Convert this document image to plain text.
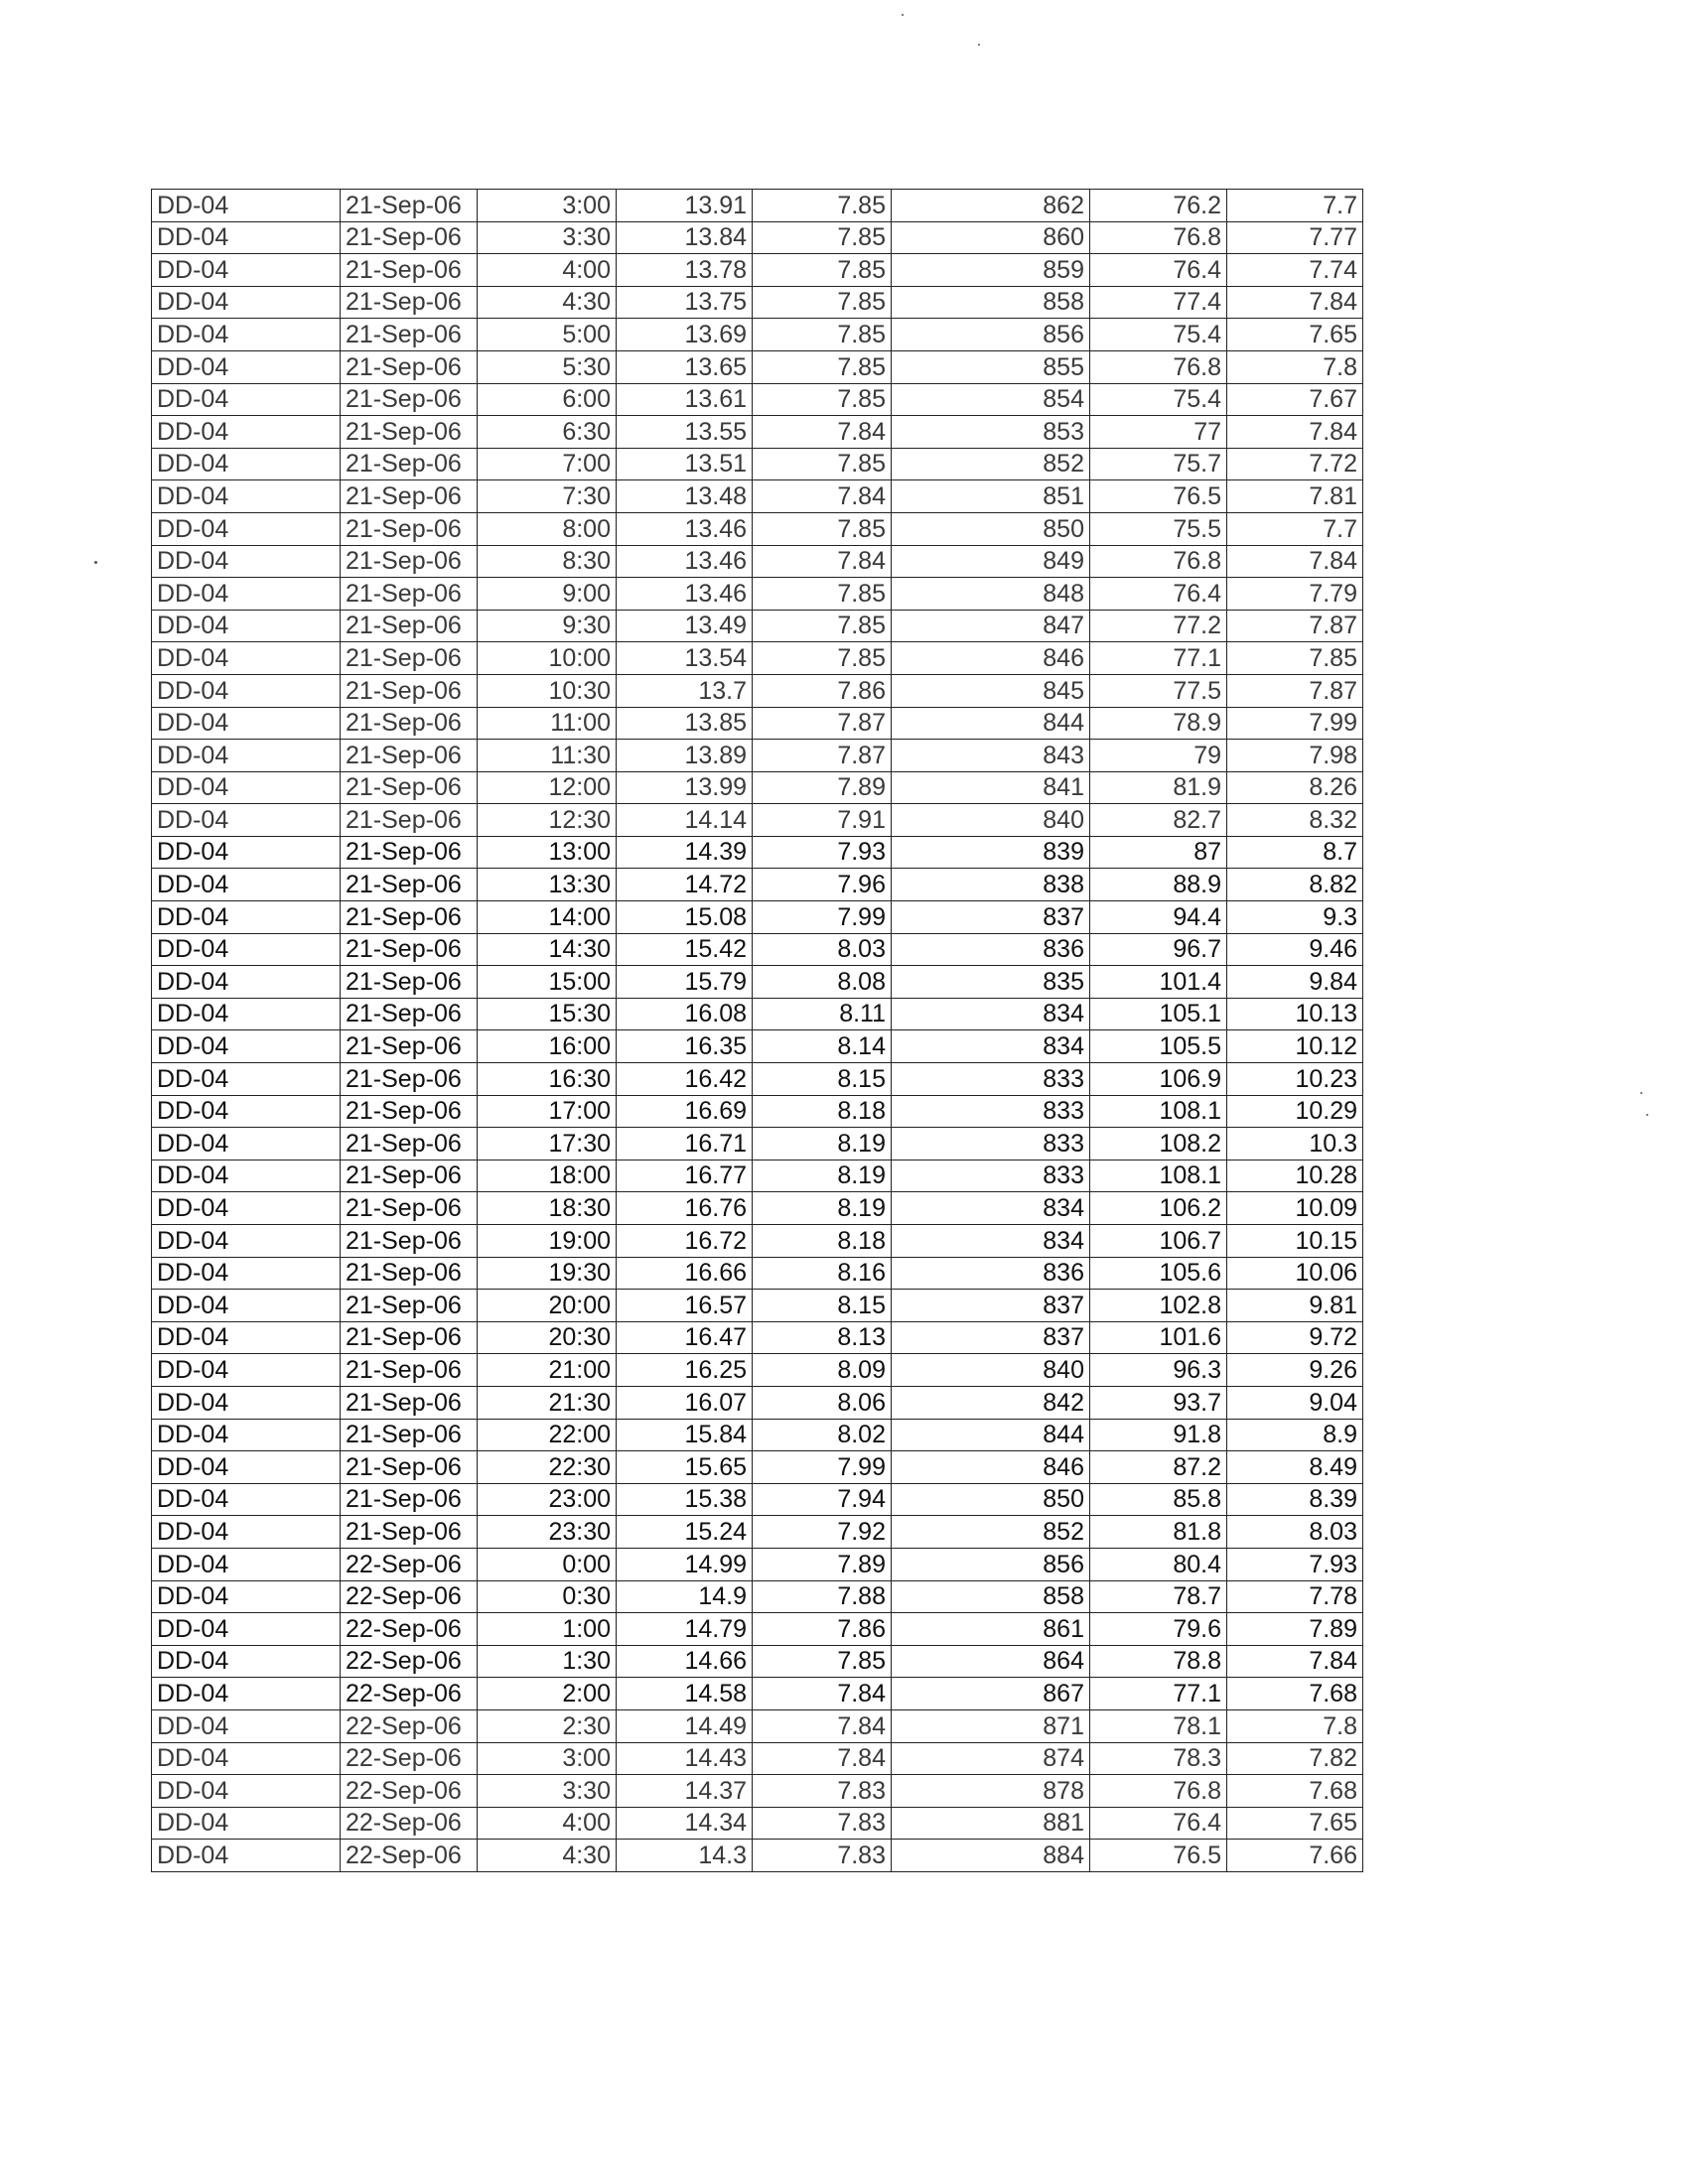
DD-04	21-Sep-06	3:00	13.91	7.85	862	76.2	7.7
DD-04	21-Sep-06	3:30	13.84	7.85	860	76.8	7.77
DD-04	21-Sep-06	4:00	13.78	7.85	859	76.4	7.74
DD-04	21-Sep-06	4:30	13.75	7.85	858	77.4	7.84
DD-04	21-Sep-06	5:00	13.69	7.85	856	75.4	7.65
DD-04	21-Sep-06	5:30	13.65	7.85	855	76.8	7.8
DD-04	21-Sep-06	6:00	13.61	7.85	854	75.4	7.67
DD-04	21-Sep-06	6:30	13.55	7.84	853	77	7.84
DD-04	21-Sep-06	7:00	13.51	7.85	852	75.7	7.72
DD-04	21-Sep-06	7:30	13.48	7.84	851	76.5	7.81
DD-04	21-Sep-06	8:00	13.46	7.85	850	75.5	7.7
DD-04	21-Sep-06	8:30	13.46	7.84	849	76.8	7.84
DD-04	21-Sep-06	9:00	13.46	7.85	848	76.4	7.79
DD-04	21-Sep-06	9:30	13.49	7.85	847	77.2	7.87
DD-04	21-Sep-06	10:00	13.54	7.85	846	77.1	7.85
DD-04	21-Sep-06	10:30	13.7	7.86	845	77.5	7.87
DD-04	21-Sep-06	11:00	13.85	7.87	844	78.9	7.99
DD-04	21-Sep-06	11:30	13.89	7.87	843	79	7.98
DD-04	21-Sep-06	12:00	13.99	7.89	841	81.9	8.26
DD-04	21-Sep-06	12:30	14.14	7.91	840	82.7	8.32
DD-04	21-Sep-06	13:00	14.39	7.93	839	87	8.7
DD-04	21-Sep-06	13:30	14.72	7.96	838	88.9	8.82
DD-04	21-Sep-06	14:00	15.08	7.99	837	94.4	9.3
DD-04	21-Sep-06	14:30	15.42	8.03	836	96.7	9.46
DD-04	21-Sep-06	15:00	15.79	8.08	835	101.4	9.84
DD-04	21-Sep-06	15:30	16.08	8.11	834	105.1	10.13
DD-04	21-Sep-06	16:00	16.35	8.14	834	105.5	10.12
DD-04	21-Sep-06	16:30	16.42	8.15	833	106.9	10.23
DD-04	21-Sep-06	17:00	16.69	8.18	833	108.1	10.29
DD-04	21-Sep-06	17:30	16.71	8.19	833	108.2	10.3
DD-04	21-Sep-06	18:00	16.77	8.19	833	108.1	10.28
DD-04	21-Sep-06	18:30	16.76	8.19	834	106.2	10.09
DD-04	21-Sep-06	19:00	16.72	8.18	834	106.7	10.15
DD-04	21-Sep-06	19:30	16.66	8.16	836	105.6	10.06
DD-04	21-Sep-06	20:00	16.57	8.15	837	102.8	9.81
DD-04	21-Sep-06	20:30	16.47	8.13	837	101.6	9.72
DD-04	21-Sep-06	21:00	16.25	8.09	840	96.3	9.26
DD-04	21-Sep-06	21:30	16.07	8.06	842	93.7	9.04
DD-04	21-Sep-06	22:00	15.84	8.02	844	91.8	8.9
DD-04	21-Sep-06	22:30	15.65	7.99	846	87.2	8.49
DD-04	21-Sep-06	23:00	15.38	7.94	850	85.8	8.39
DD-04	21-Sep-06	23:30	15.24	7.92	852	81.8	8.03
DD-04	22-Sep-06	0:00	14.99	7.89	856	80.4	7.93
DD-04	22-Sep-06	0:30	14.9	7.88	858	78.7	7.78
DD-04	22-Sep-06	1:00	14.79	7.86	861	79.6	7.89
DD-04	22-Sep-06	1:30	14.66	7.85	864	78.8	7.84
DD-04	22-Sep-06	2:00	14.58	7.84	867	77.1	7.68
DD-04	22-Sep-06	2:30	14.49	7.84	871	78.1	7.8
DD-04	22-Sep-06	3:00	14.43	7.84	874	78.3	7.82
DD-04	22-Sep-06	3:30	14.37	7.83	878	76.8	7.68
DD-04	22-Sep-06	4:00	14.34	7.83	881	76.4	7.65
DD-04	22-Sep-06	4:30	14.3	7.83	884	76.5	7.66
